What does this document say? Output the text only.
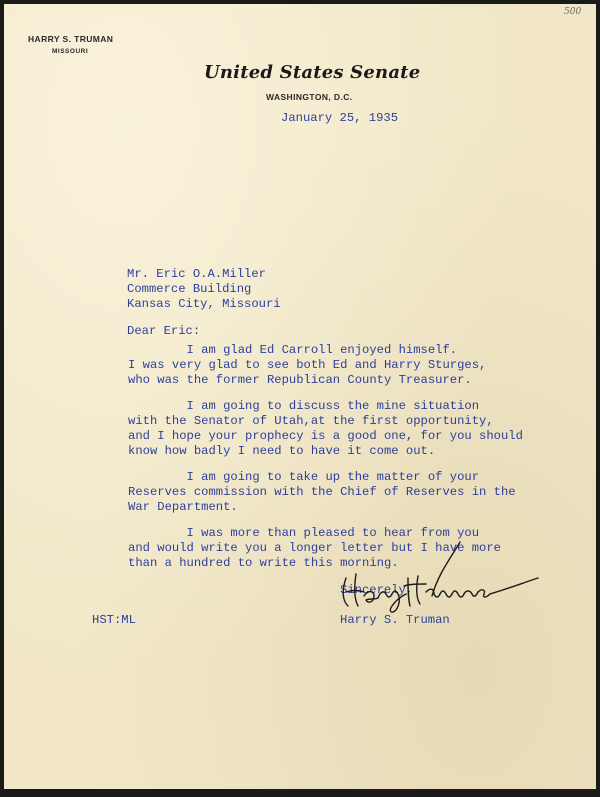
500
HARRY S. TRUMAN
MISSOURI
United States Senate
WASHINGTON, D.C.
January 25, 1935
Mr. Eric O.A.Miller
Commerce Building
Kansas City, Missouri
Dear Eric:
I am glad Ed Carroll enjoyed himself.
I was very glad to see both Ed and Harry Sturges,
who was the former Republican County Treasurer.
I am going to discuss the mine situation
with the Senator of Utah,at the first opportunity,
and I hope your prophecy is a good one, for you should
know how badly I need to have it come out.
I am going to take up the matter of your
Reserves commission with the Chief of Reserves in the
War Department.
I was more than pleased to hear from you
and would write you a longer letter but I have more
than a hundred to write this morning.
Sincerely,
HST:ML	Harry S. Truman
